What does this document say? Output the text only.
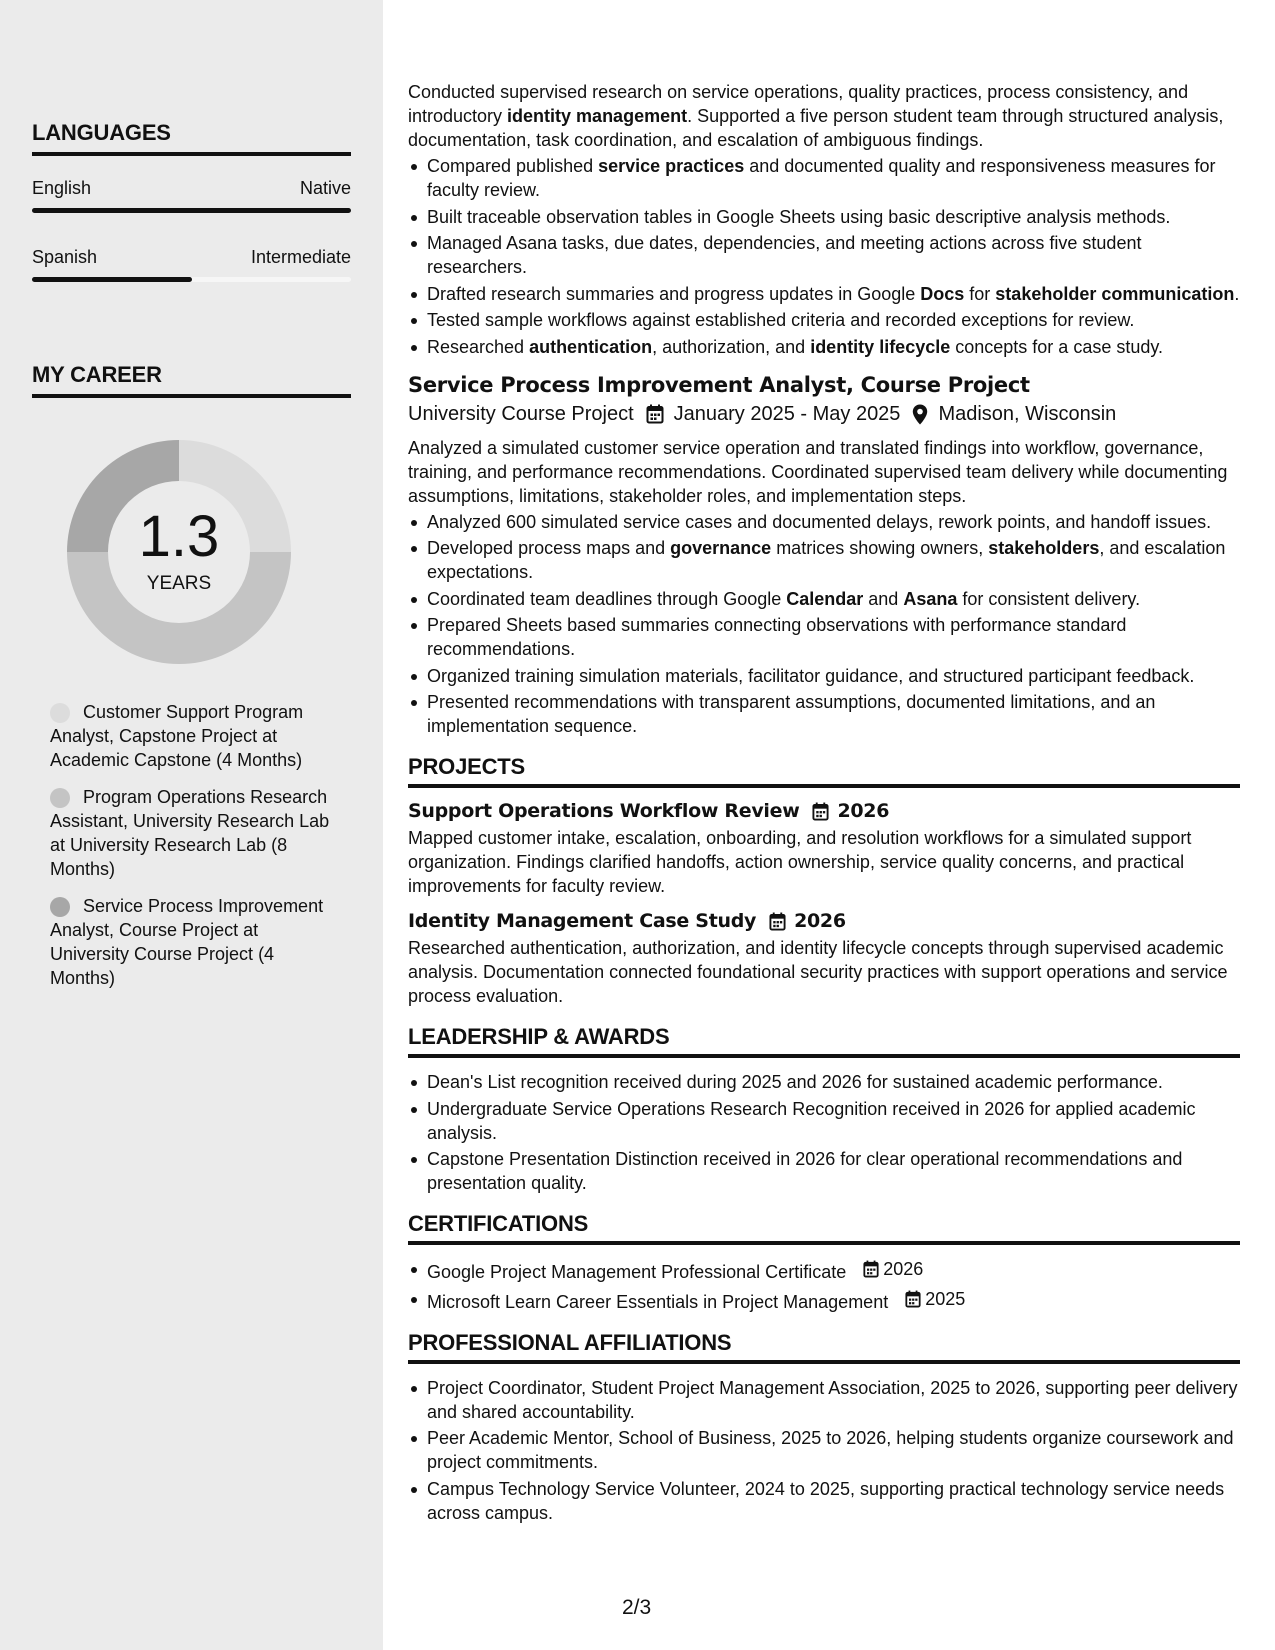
LANGUAGES
English	Native
Spanish	Intermediate
MY CAREER
1.3
YEARS
Customer Support Program Analyst, Capstone Project at Academic Capstone (4 Months)
Program Operations Research Assistant, University Research Lab at University Research Lab (8 Months)
Service Process Improvement Analyst, Course Project at University Course Project (4 Months)

Conducted supervised research on service operations, quality practices, process consistency, and introductory identity management. Supported a five person student team through structured analysis, documentation, task coordination, and escalation of ambiguous findings.

Compared published service practices and documented quality and responsiveness measures for faculty review.
Built traceable observation tables in Google Sheets using basic descriptive analysis methods.
Managed Asana tasks, due dates, dependencies, and meeting actions across five student researchers.
Drafted research summaries and progress updates in Google Docs for stakeholder communication.
Tested sample workflows against established criteria and recorded exceptions for review.
Researched authentication, authorization, and identity lifecycle concepts for a case study.
Service Process Improvement Analyst, Course Project
University Course Project January 2025 - May 2025 Madison, Wisconsin

Analyzed a simulated customer service operation and translated findings into workflow, governance, training, and performance recommendations. Coordinated supervised team delivery while documenting assumptions, limitations, stakeholder roles, and implementation steps.

Analyzed 600 simulated service cases and documented delays, rework points, and handoff issues.
Developed process maps and governance matrices showing owners, stakeholders, and escalation expectations.
Coordinated team deadlines through Google Calendar and Asana for consistent delivery.
Prepared Sheets based summaries connecting observations with performance standard recommendations.
Organized training simulation materials, facilitator guidance, and structured participant feedback.
Presented recommendations with transparent assumptions, documented limitations, and an implementation sequence.
PROJECTS
Support Operations Workflow Review 2026

Mapped customer intake, escalation, onboarding, and resolution workflows for a simulated support organization. Findings clarified handoffs, action ownership, service quality concerns, and practical improvements for faculty review.

Identity Management Case Study 2026

Researched authentication, authorization, and identity lifecycle concepts through supervised academic analysis. Documentation connected foundational security practices with support operations and service process evaluation.

LEADERSHIP & AWARDS
Dean's List recognition received during 2025 and 2026 for sustained academic performance.
Undergraduate Service Operations Research Recognition received in 2026 for applied academic analysis.
Capstone Presentation Distinction received in 2026 for clear operational recommendations and presentation quality.
CERTIFICATIONS
Google Project Management Professional Certificate 2026
Microsoft Learn Career Essentials in Project Management 2025
PROFESSIONAL AFFILIATIONS
Project Coordinator, Student Project Management Association, 2025 to 2026, supporting peer delivery and shared accountability.
Peer Academic Mentor, School of Business, 2025 to 2026, helping students organize coursework and project commitments.
Campus Technology Service Volunteer, 2024 to 2025, supporting practical technology service needs across campus.
2/3
